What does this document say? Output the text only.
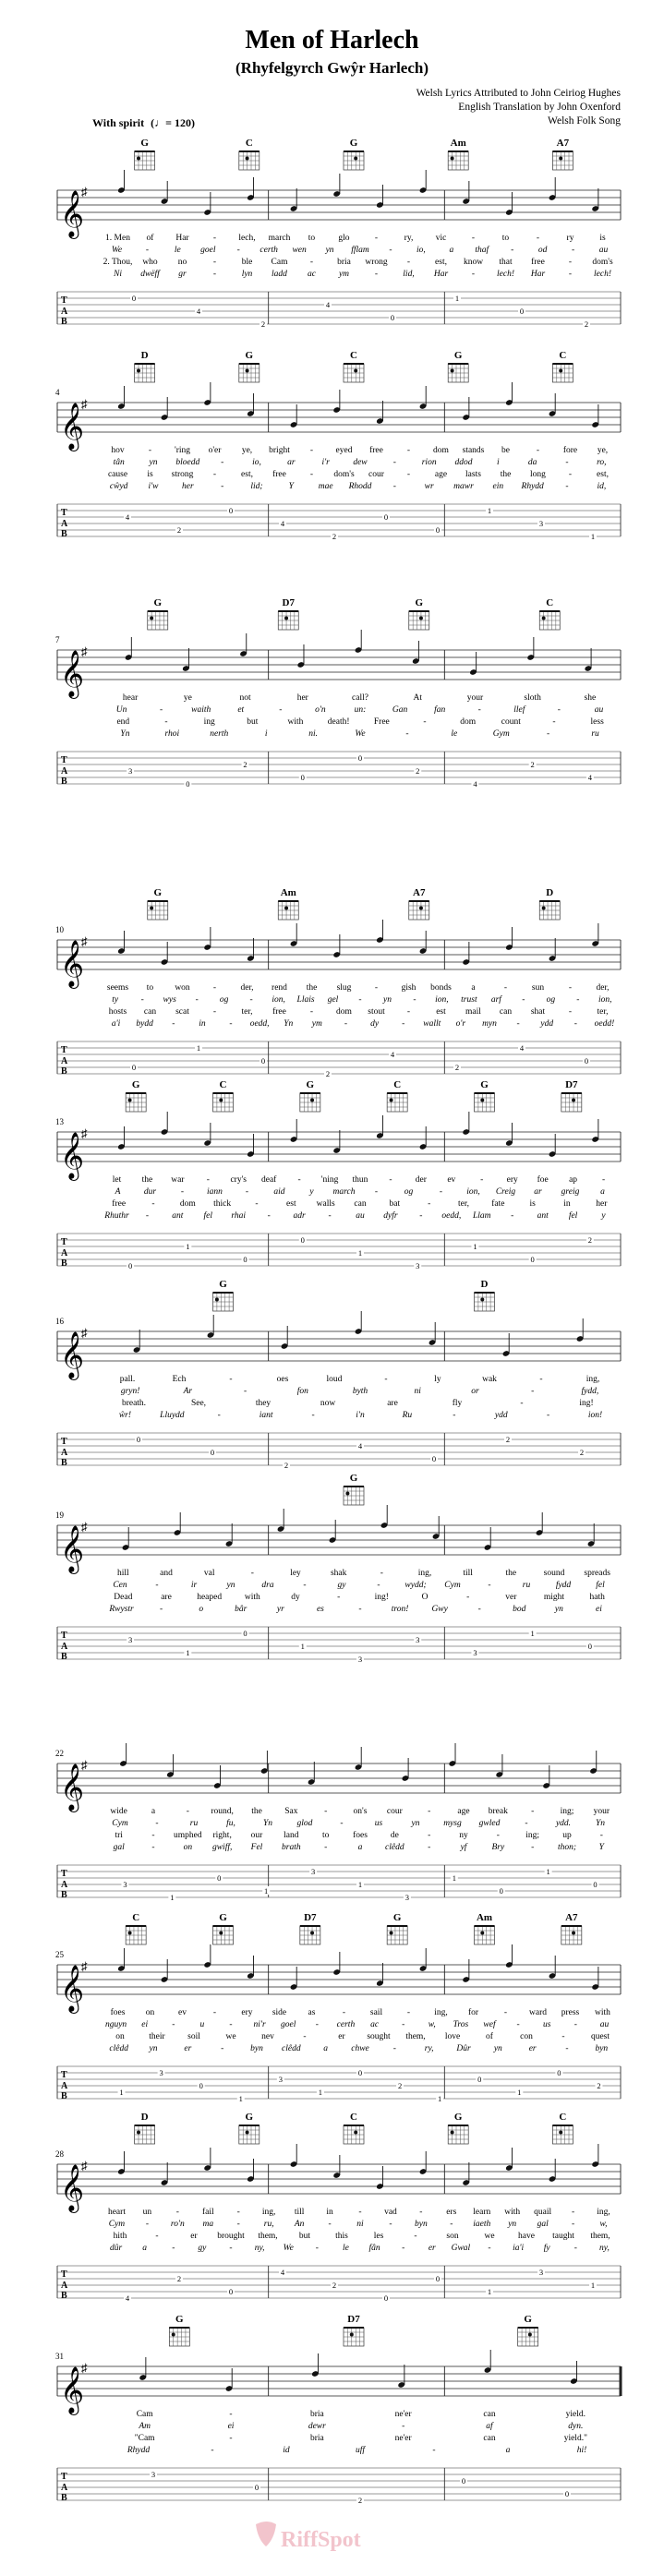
Men of Harlech
(Rhyfelgyrch Gwŷr Harlech)
Welsh Lyrics Attributed to John Ceiriog Hughes
English Translation by John Oxenford
Welsh Folk Song
With spirit (♩= 120)
G	C	G	Am	A7
𝄞
♯
1. Men of	Har	-	lech, march to	glo	-	ry,	vic	-	to	-	ry	is
We	-	le goel - certh wen yn fflam -	io,	a thaf	-	od	-	au
2. Thou, who no	-	ble Cam	-	bria wrong -	est, know that free	- dom's
Ni dwëff gr	-	lyn ladd ac	ym	-	lid, Har	-	lech! Har	-	lech!
T
A
B
0
4
2
4
0
1
0
2
4
D	G	C	G	C
𝄞
♯
hov	-	'ring o'er ye, bright -	eyed free	-	dom stands be	-	fore ye,
tân	yn bloedd -	io,	ar	i'r	dew	-	rion ddod	i	da	-	ro,
cause is strong -	est, free	- dom's cour	-	age lasts the long	-	est,
cŵyd i'w	her	-	lid;	Y	mae Rhodd -	wr mawr ein Rhydd -	id,
T
A
B
4
2
0
4
2
0
0
1
3
1
7
G	D7	G	C
𝄞
♯
hear	ye	not	her	call?	At	your	sloth	she
Un	-	waith	et	-	o'n	un:	Gan	fan	-	llef	-	au
end	-	ing	but	with	death!	Free	-	dom	count	-	less
Yn	rhoi	nerth	i	ni.	We	-	le	Gym	-	ru
T
A
B
3
0
2
0
0
2
4
2
4
10
G	Am	A7	D
𝄞
♯
seems to won	-	der, rend the slug	-	gish bonds a	-	sun	-	der,
ty	- wys - og - ion, Llais gel - yn - ion, trust arf - og - ion,
hosts can scat	-	ter, free	-	dom stout	-	est mail can shat	-	ter,
a'i bydd -	in	- oedd, Yn ym	-	dy	- wallt o'r myn - ydd - oedd!
T
A
B	0
1
0
2
4
2
4
0
13
G	C	G	C	G	D7
𝄞
♯
let the war	- cry's deaf - 'ning thun -	der ev	-	ery foe ap	-
A	dur	-	iann	-	aid	y march -	og	-	ion, Creig ar greig a
free	-	dom thick	-	est walls can	bat	-	ter,	fate	is	in	her
Rhuthr -	ant fel rhai -	adr	-	au dyfr - oedd, Llam -	ant fel	y
T
A
B	0
1
0
0
1
3
1
0
2
16
G	D
𝄞
♯
pall.	Ech	-	oes	loud	-	ly	wak	-	ing,
gryn!	Ar	-	fon	byth	ni	or	-	fydd,
breath.	See,	they	now	are	fly	-	ing!
ŵr!	Lluydd	-	iant	-	i'n	Ru	-	ydd	-	ion!
T
A
B
0
0
2
4
0
2
2
19
G
𝄞
♯
hill	and	val	-	ley	shak	-	ing,	till	the	sound spreads
Cen	-	ir	yn	dra	-	gy	-	wydd; Cym	-	ru	fydd	fel
Dead	are	heaped	with	dy	-	ing!	O	-	ver	might	hath
Rwystr	-	o	bâr	yr	es	-	tron!	Gwy	-	bod	yn	ei
T
A
B
3
1
0
1
3
3
3
1
0
22
𝄞
♯
wide	a	- round, the	Sax	-	on's cour	-	age break	-	ing; your
Cym	-	ru	fu,	Yn	glod	-	us	yn	mysg gwled	-	ydd.	Yn
tri	- umphed right, our land	to	foes	de	-	ny	-	ing;	up	-
gal	-	on gwiff, Fel brath	-	a	clêdd	-	yf	Bry	-	thon;	Y
T
A
B
3
1
0
1
3
1
3
1
0
1
0
25
C	G	D7	G	Am	A7
𝄞
♯
foes on	ev	-	ery side as	-	sail	-	ing, for	-	ward press with
nguyn ei	-	u	- ni'r goel - certh ac	-	w, Tros wef -	us	-	au
on	their	soil	we	nev	-	er sought them, love	of	con	-	quest
clêdd yn	er	-	byn clêdd	a	chwe	-	ry,	Dûr	yn	er	-	byn
T
A
B	1
3
0
1
3
1
0
2
1
0
1
0
2
28
D	G	C	G	C
𝄞
♯
heart un	-	fail	-	ing, till	in	-	vad	-	ers learn with quail -	ing,
Cym -	ro'n ma	-	ru, An	-	ni	-	byn	- iaeth yn gal	-	w,
hith	-	er brought them, but	this	les	-	son	we	have taught them,
dûr a	-	gy	-	ny, We	-	le fân -	er Gwal - ia'i fy	-	ny,
T
A
B	4
2
0
4
2
0
0
1
3
1
31
G	D7	G
𝄞
♯
Cam	-	bria	ne'er	can	yield.
Am	ei	dewr	-	af	dyn.
"Cam	-	bria	ne'er	can	yield."
Rhydd	-	id	uff	-	a	hi!
T
A
B
3
0
2
0
0
RiffSpot
